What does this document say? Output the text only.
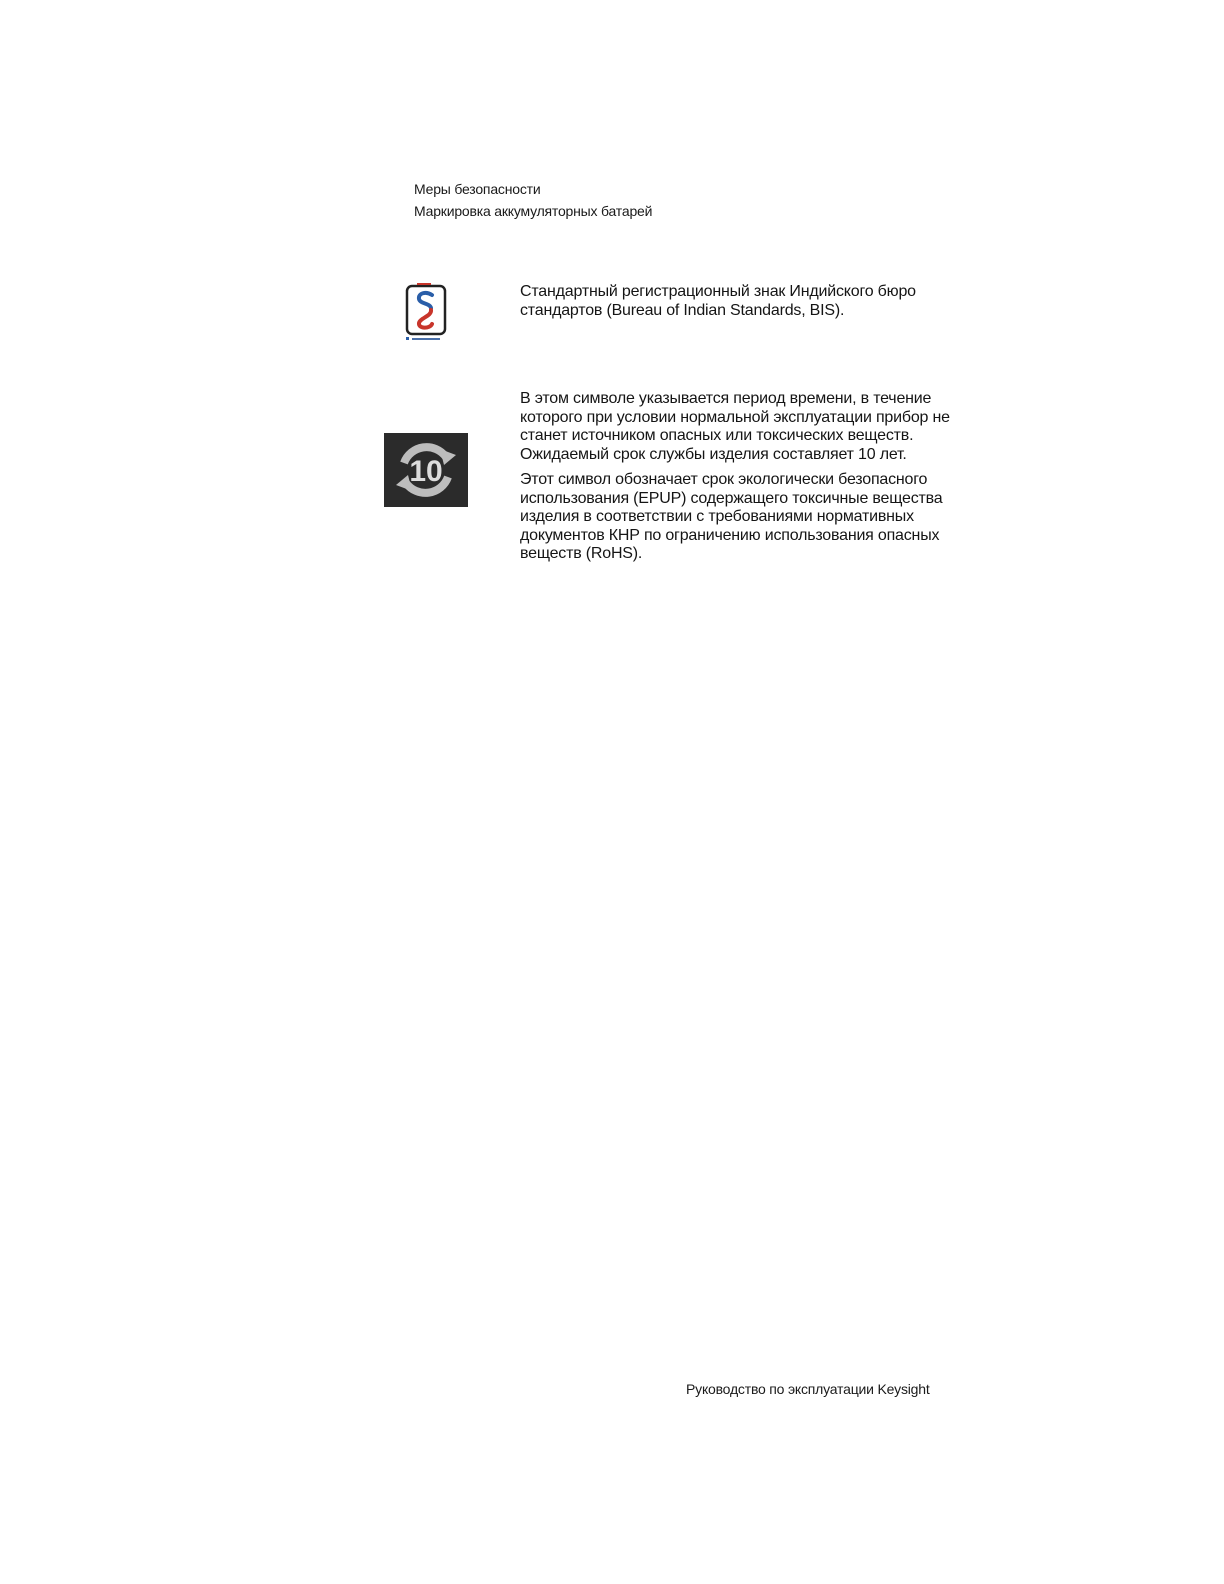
Меры безопасности
Маркировка аккумуляторных батарей

Стандартный регистрационный знак Индийского бюро стандартов (Bureau of Indian Standards, BIS).

10

В этом символе указывается период времени, в течение которого при условии нормальной эксплуатации прибор не станет источником опасных или токсических веществ. Ожидаемый срок службы изделия составляет 10 лет.

Этот символ обозначает срок экологически безопасного использования (EPUP) содержащего токсичные вещества изделия в соответствии с требованиями нормативных документов КНР по ограничению использования опасных веществ (RoHS).

Руководство по эксплуатации Keysight
